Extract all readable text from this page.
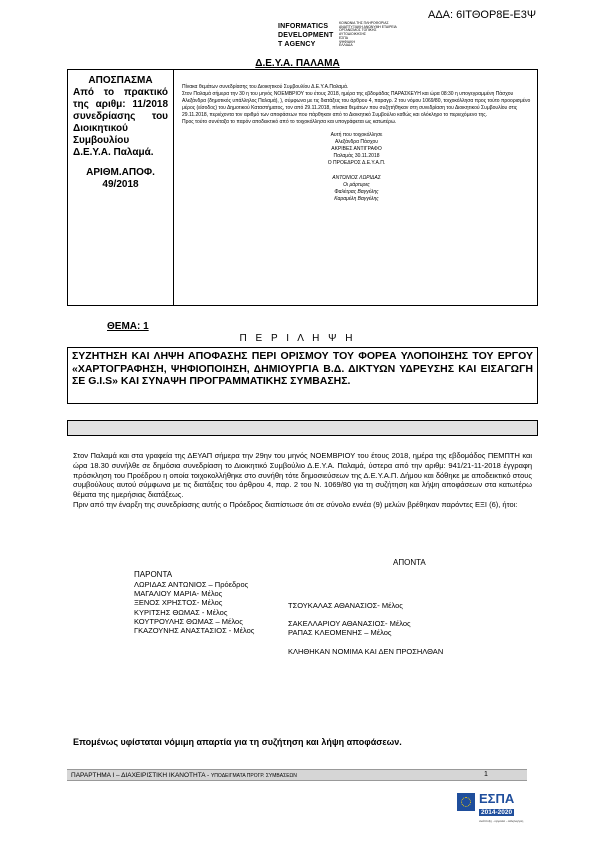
ΑΔΑ: 6ΙΤΘΟΡ8Ε-Ε3Ψ
INFORMATICS
DEVELOPMENT
T AGENCY
ΚΟΙΝΩΝΙΑ ΤΗΣ ΠΛΗΡΟΦΟΡΙΑΣ
ΑΝΑΠΤΥΞΙΑΚΗ ΑΝΩΝΥΜΗ ΕΤΑΙΡΕΙΑ
ΟΡΓΑΝΙΣΜΟΣ ΤΟΠΙΚΗΣ
ΑΥΤΟΔΙΟΙΚΗΣΗΣ
ΕΣΠΑ
ΨΗΦΙΑΚΗ
ΕΛΛΑΔΑ
Δ.Ε.Υ.Α. ΠΑΛΑΜΑ
ΑΠΟΣΠΑΣΜΑ
Από το πρακτικό της αριθμ: 11/2018 συνεδρίασης του Διοικητικού Συμβουλίου Δ.Ε.Υ.Α. Παλαμά.
ΑΡΙΘΜ.ΑΠΟΦ.
49/2018

Πίνακα θεμάτων συνεδρίασης του Διοικητικού Συμβουλίου Δ.Ε.Υ.Α.Παλαμά.

Στον Παλαμά σήμερα την 30 η του μηνός ΝΟΕΜΒΡΙΟΥ του έτους 2018, ημέρα της εβδομάδας ΠΑΡΑΣΚΕΥΗ και ώρα 08:30 η υπογεγραμμένη Πάσχου Αλεξάνδρα (δημοτικός υπάλληλος Παλαμά), ), σύμφωνα με τις διατάξεις του άρθρου 4, παραγρ. 2 του νόμου 1069/80, τοιχοκόλλησα προς τούτο προορισμένο μέρος (είσοδος) του Δημοτικού Καταστήματος, τον από 29.11.2018, πίνακα θεμάτων που συζητήθηκαν στη συνεδρίαση του Διοικητικού Συμβουλίου στις 29.11.2018, περιέχοντα τον αριθμό των αποφάσεων που πάρθηκαν από το Διοικητικό Συμβούλιο καθώς και ολόκληρο το περιεχόμενο της.

Προς τούτο συνέταξα το παρόν αποδεικτικό από το τοιχοκόλλησα και υπογράφεται ως κατωτέρω.

Αυτή που τοιχοκόλλησε
Αλεξάνδρα Πάσχου
ΑΚΡΙΒΕΣ ΑΝΤΙΓΡΑΦΟ
Παλαμάς 30.11.2018
Ο ΠΡΟΕΔΡΟΣ Δ.Ε.Υ.Α.Π.
ΑΝΤΩΝΙΟΣ ΛΩΡΙΔΑΣ
Οι μάρτυρες
Φαλέτρας Βαγγέλης
Καραμέλη Βαγγέλης
ΘΕΜΑ: 1
Π Ε Ρ Ι Λ Η Ψ Η
ΣΥΖΗΤΗΣΗ ΚΑΙ ΛΗΨΗ ΑΠΟΦΑΣΗΣ ΠΕΡΙ ΟΡΙΣΜΟΥ ΤΟΥ ΦΟΡΕΑ ΥΛΟΠΟΙΗΣΗΣ ΤΟΥ ΕΡΓΟΥ «ΧΑΡΤΟΓΡΑΦΗΣΗ, ΨΗΦΙΟΠΟΙΗΣΗ, ΔΗΜΙΟΥΡΓΙΑ Β.Δ. ΔΙΚΤΥΩΝ ΥΔΡΕΥΣΗΣ ΚΑΙ ΕΙΣΑΓΩΓΗ ΣΕ G.I.S» ΚΑΙ ΣΥΝΑΨΗ ΠΡΟΓΡΑΜΜΑΤΙΚΗΣ ΣΥΜΒΑΣΗΣ.

Στον Παλαμά και στα γραφεία της ΔΕΥΑΠ σήμερα την 29ην του μηνός ΝΟΕΜΒΡΙΟΥ του έτους 2018, ημέρα της εβδομάδος ΠΕΜΠΤΗ και ώρα 18.30 συνήλθε σε δημόσια συνεδρίαση το Διοικητικό Συμβούλιο Δ.Ε.Υ.Α. Παλαμά, ύστερα από την αριθμ: 941/21-11-2018 έγγραφη πρόσκληση του Προέδρου η οποία τοιχοκολλήθηκε στο συνήθη τότε δημοσιεύσεων της Δ.Ε.Υ.Α.Π. Δήμου και δόθηκε με αποδεικτικό στους συμβούλους αυτού σύμφωνα με τις διατάξεις του άρθρου 4, παρ. 2 του Ν. 1069/80 για τη συζήτηση και λήψη αποφάσεων στα κατωτέρω θέματα της ημερήσιας διατάξεως.

Πριν από την έναρξη της συνεδρίασης αυτής ο Πρόεδρος διαπίστωσε ότι σε σύνολο εννέα (9) μελών βρέθηκαν παρόντες ΕΞΙ (6), ήτοι:

ΑΠΟΝΤΑ
ΠΑΡΟΝΤΑ
ΛΩΡΙΔΑΣ ΑΝΤΩΝΙΟΣ – Πρόεδρος
ΜΑΓΑΛΙΟΥ ΜΑΡΙΑ- Μέλος
ΞΕΝΟΣ ΧΡΗΣΤΟΣ- Μέλος
ΚΥΡΙΤΣΗΣ ΘΩΜΑΣ - Μέλος
ΚΟΥΤΡΟΥΛΗΣ ΘΩΜΑΣ – Μέλος
ΓΚΑΖΟΥΝΗΣ ΑΝΑΣΤΑΣΙΟΣ - Μέλος
ΤΣΟΥΚΑΛΑΣ ΑΘΑΝΑΣΙΟΣ- Μέλος
ΣΑΚΕΛΛΑΡΙΟΥ ΑΘΑΝΑΣΙΟΣ- Μέλος
ΡΑΠΑΣ ΚΛΕΟΜΕΝΗΣ – Μέλος
ΚΛΗΘΗΚΑΝ ΝΟΜΙΜΑ ΚΑΙ ΔΕΝ ΠΡΟΣΗΛΘΑΝ
Επομένως υφίσταται νόμιμη απαρτία για τη συζήτηση και λήψη αποφάσεων.
ΠΑΡΑΡΤΗΜΑ Ι – ΔΙΑΧΕΙΡΙΣΤΙΚΗ ΙΚΑΝΟΤΗΤΑ - ΥΠΟΔΕΙΓΜΑΤΑ ΠΡΟΓΡ. ΣΥΜΒΑΣΕΩΝ	1
ΕΣΠΑ
2014-2020
ανάπτυξη - εργασία - αλληλεγγύη
